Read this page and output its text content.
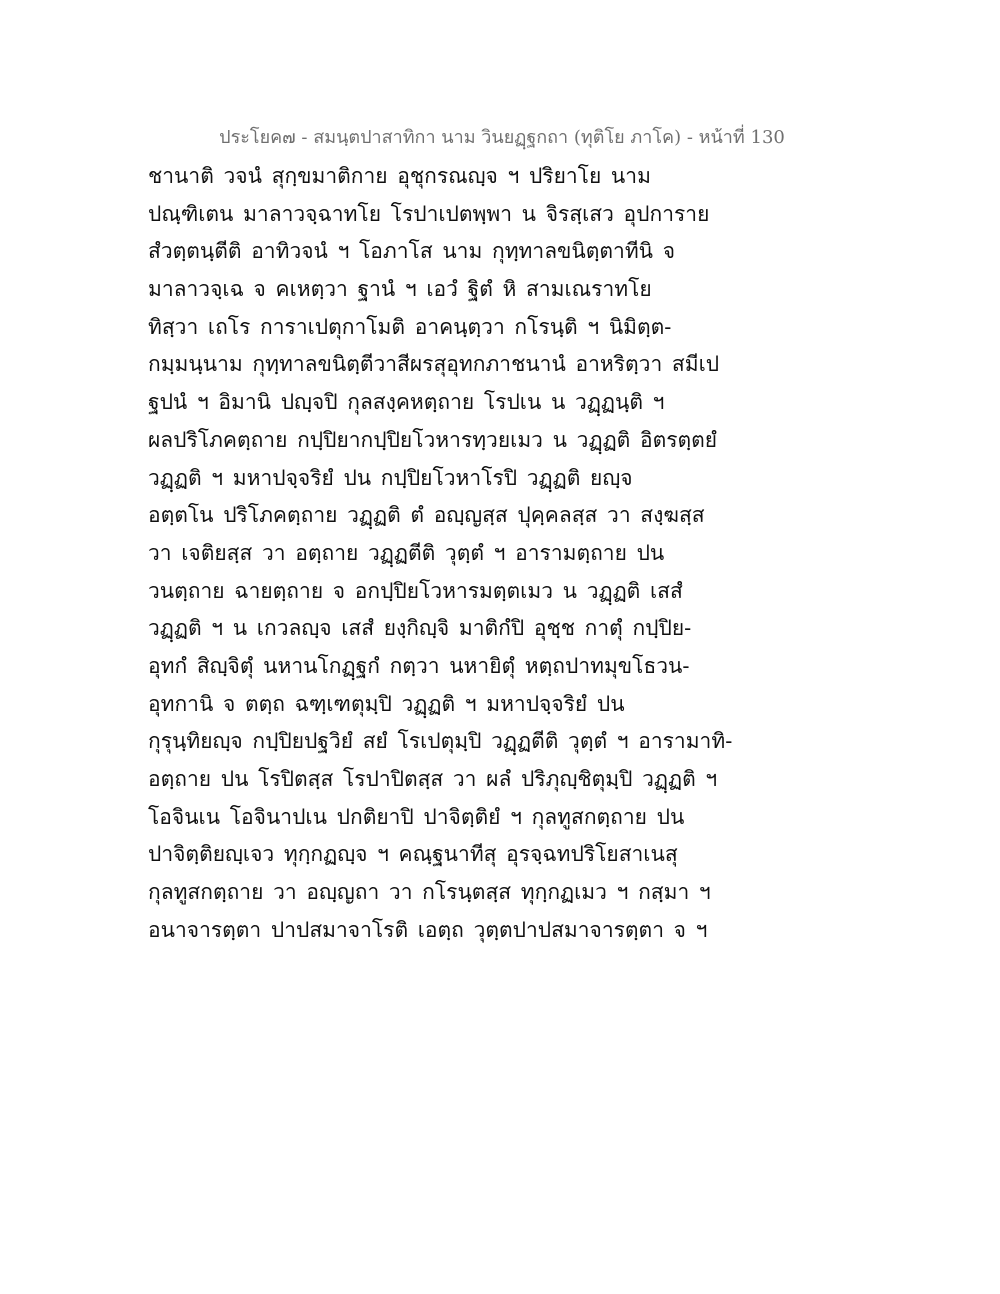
ประโยค๗ - สมนฺตปาสาทิกา นาม วินยฏฺฐกถา (ทุติโย ภาโค) - หน้าที่ 130
ชานาติ วจนํ สุกฺขมาติกาย อุชุกรณญฺจ ฯ ปริยาโย นาม
ปณฺฑิเตน มาลาวจฺฉาทโย โรปาเปตพฺพา น จิรสฺเสว อุปการาย
สํวตฺตนฺตีติ อาทิวจนํ ฯ โอภาโส นาม กุทฺทาลขนิตฺตาทีนิ จ
มาลาวจฺเฉ จ คเหตฺวา ฐานํ ฯ เอวํ ฐิตํ หิ สามเณราทโย
ทิสฺวา เถโร การาเปตุกาโมติ อาคนฺตฺวา กโรนฺติ ฯ นิมิตฺต-
กมฺมนฺนาม กุทฺทาลขนิตฺตีวาสีผรสุอุทกภาชนานํ อาหริตฺวา สมีเป
ฐปนํ ฯ อิมานิ ปญฺจปิ กุลสงฺคหตฺถาย โรปเน น วฏฺฏนฺติ ฯ
ผลปริโภคตฺถาย กปฺปิยากปฺปิยโวหารทฺวยเมว น วฏฺฏติ อิตรตฺตยํ
วฏฺฏติ ฯ มหาปจฺจริยํ ปน กปฺปิยโวหาโรปิ วฏฺฏติ ยญฺจ
อตฺตโน ปริโภคตฺถาย วฏฺฏติ ตํ อญฺญสฺส ปุคฺคลสฺส วา สงฺฆสฺส
วา เจติยสฺส วา อตฺถาย วฏฺฏตีติ วุตฺตํ ฯ อารามตฺถาย ปน
วนตฺถาย ฉายตฺถาย จ อกปฺปิยโวหารมตฺตเมว น วฏฺฏติ เสสํ
วฏฺฏติ ฯ น เกวลญฺจ เสสํ ยงฺกิญฺจิ มาติกํปิ อุชฺช กาตุํ กปฺปิย-
อุทกํ สิญฺจิตุํ นหานโกฏฺฐกํ กตฺวา นหายิตุํ หตฺถปาทมุขโธวน-
อุทกานิ จ ตตฺถ ฉฑฺเฑตุมฺปิ วฏฺฏติ ฯ มหาปจฺจริยํ ปน
กุรุนฺทิยญฺจ กปฺปิยปฐวิยํ สยํ โรเปตุมฺปิ วฏฺฏตีติ วุตฺตํ ฯ อารามาทิ-
อตฺถาย ปน โรปิตสฺส โรปาปิตสฺส วา ผลํ ปริภุญฺชิตุมฺปิ วฏฺฏติ ฯ
โอจินเน โอจินาปเน ปกติยาปิ ปาจิตฺติยํ ฯ กุลทูสกตฺถาย ปน
ปาจิตฺติยญฺเจว ทุกฺกฏญฺจ ฯ คณฺฐนาทีสุ อุรจฺฉทปริโยสาเนสุ
กุลทูสกตฺถาย วา อญฺญถา วา กโรนฺตสฺส ทุกฺกฏเมว ฯ กสฺมา ฯ
อนาจารตฺตา ปาปสมาจาโรติ เอตฺถ วุตฺตปาปสมาจารตฺตา จ ฯ
